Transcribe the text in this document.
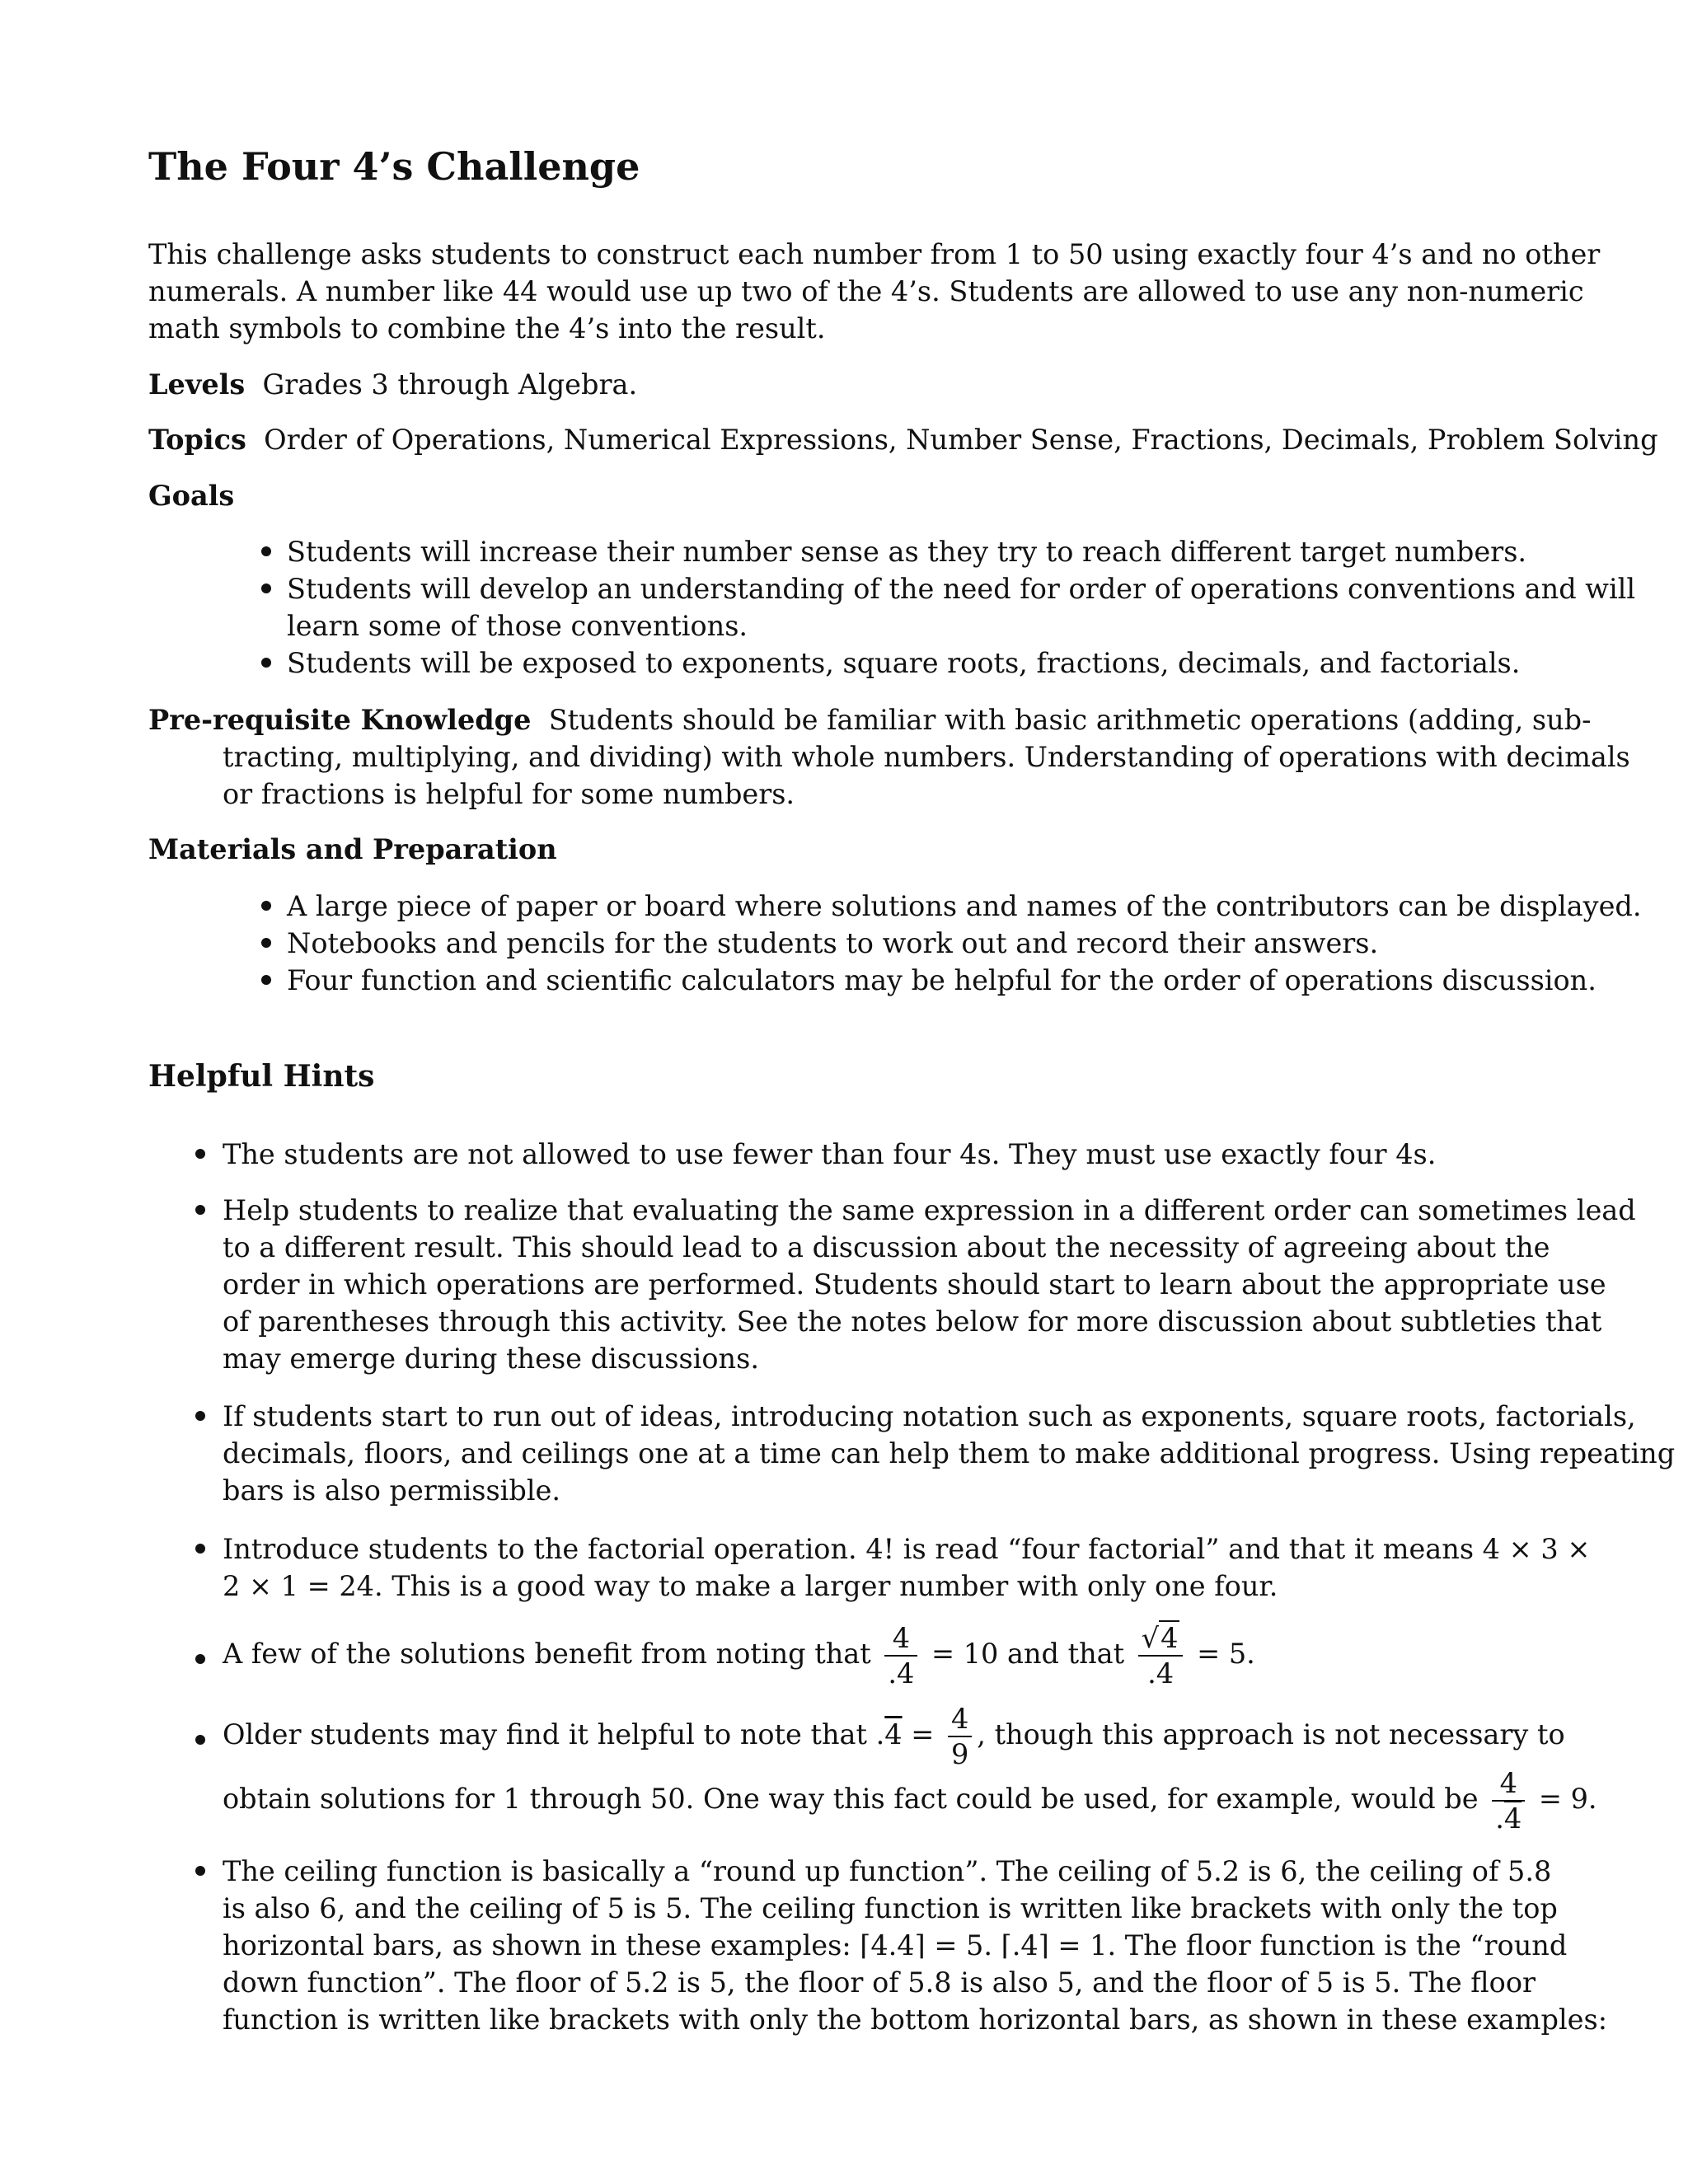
The Four 4’s Challenge
This challenge asks students to construct each number from 1 to 50 using exactly four 4’s and no other
numerals. A number like 44 would use up two of the 4’s. Students are allowed to use any non-numeric
math symbols to combine the 4’s into the result.
Levels Grades 3 through Algebra.
Topics Order of Operations, Numerical Expressions, Number Sense, Fractions, Decimals, Problem Solving
Goals
Students will increase their number sense as they try to reach different target numbers.
Students will develop an understanding of the need for order of operations conventions and will
learn some of those conventions.
Students will be exposed to exponents, square roots, fractions, decimals, and factorials.
Pre-requisite Knowledge Students should be familiar with basic arithmetic operations (adding, sub-
tracting, multiplying, and dividing) with whole numbers. Understanding of operations with decimals
or fractions is helpful for some numbers.
Materials and Preparation
A large piece of paper or board where solutions and names of the contributors can be displayed.
Notebooks and pencils for the students to work out and record their answers.
Four function and scientific calculators may be helpful for the order of operations discussion.
Helpful Hints
The students are not allowed to use fewer than four 4s. They must use exactly four 4s.
Help students to realize that evaluating the same expression in a different order can sometimes lead
to a different result. This should lead to a discussion about the necessity of agreeing about the
order in which operations are performed. Students should start to learn about the appropriate use
of parentheses through this activity. See the notes below for more discussion about subtleties that
may emerge during these discussions.
If students start to run out of ideas, introducing notation such as exponents, square roots, factorials,
decimals, floors, and ceilings one at a time can help them to make additional progress. Using repeating
bars is also permissible.
Introduce students to the factorial operation. 4! is read “four factorial” and that it means 4 × 3 ×
2 × 1 = 24. This is a good way to make a larger number with only one four.
A few of the solutions benefit from noting that $\frac{4}{.4} = 10$ and that $\frac{√4}{.4} = 5$.
Older students may find it helpful to note that $.4 = \frac{4}{9}$ , though this approach is not necessary to
obtain solutions for 1 through 50. One way this fact could be used, for example, would be $\frac{4}{.4} = 9$.
The ceiling function is basically a “round up function”. The ceiling of 5.2 is 6, the ceiling of 5.8
is also 6, and the ceiling of 5 is 5. The ceiling function is written like brackets with only the top
horizontal bars, as shown in these examples: ⌈4.4⌉ = 5. ⌈.4⌉ = 1. The floor function is the “round
down function”. The floor of 5.2 is 5, the floor of 5.8 is also 5, and the floor of 5 is 5. The floor
function is written like brackets with only the bottom horizontal bars, as shown in these examples:
